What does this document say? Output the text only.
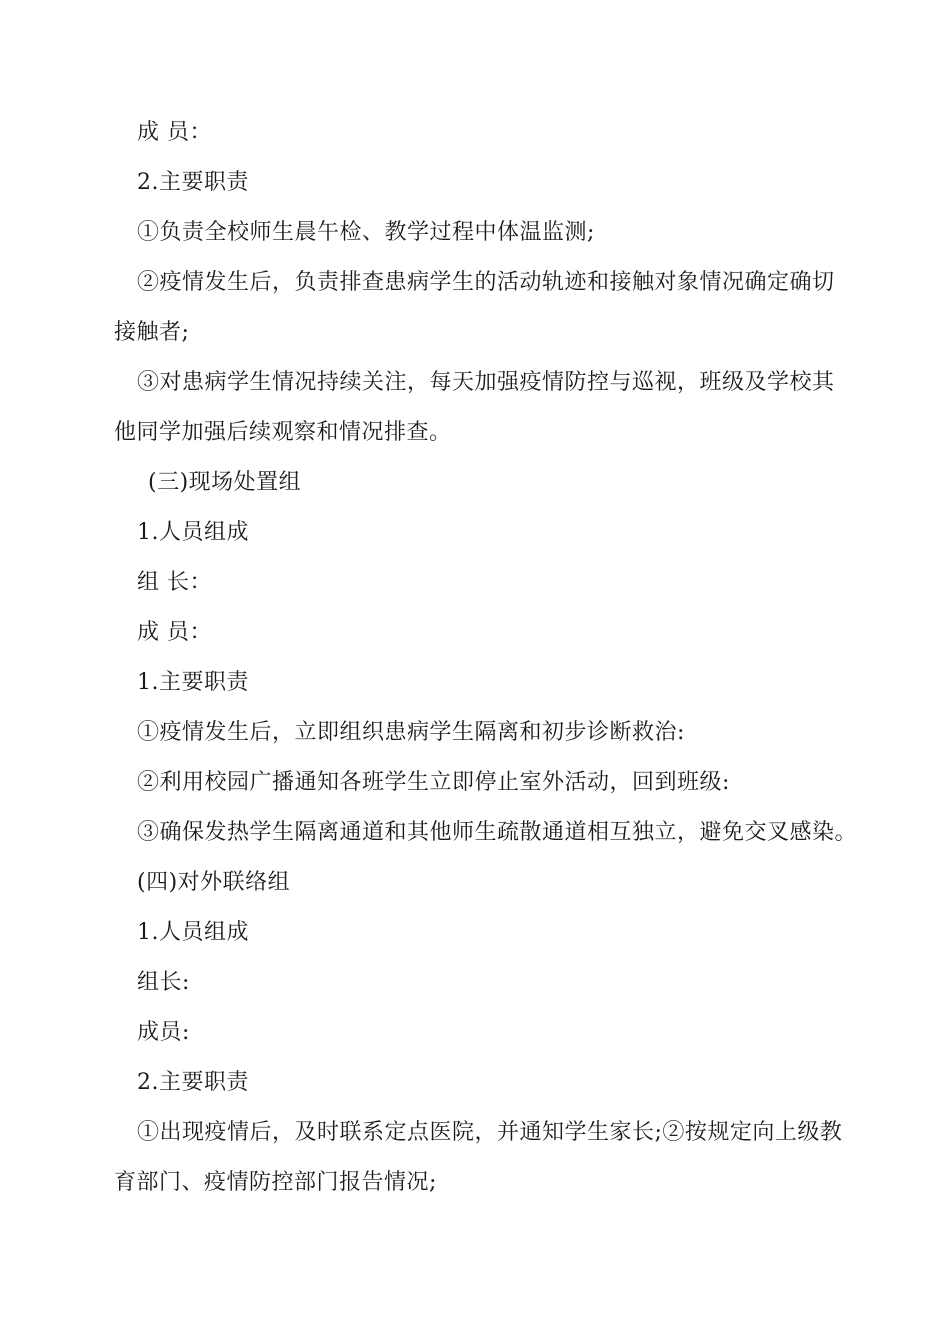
成 员：
2.主要职责
①负责全校师生晨午检、教学过程中体温监测;
②疫情发生后，负责排查患病学生的活动轨迹和接触对象情况确定确切
接触者;
③对患病学生情况持续关注，每天加强疫情防控与巡视，班级及学校其
他同学加强后续观察和情况排查。
(三)现场处置组
1.人员组成
组 长：
成 员：
1.主要职责
①疫情发生后，立即组织患病学生隔离和初步诊断救治:
②利用校园广播通知各班学生立即停止室外活动，回到班级:
③确保发热学生隔离通道和其他师生疏散通道相互独立，避免交叉感染。
(四)对外联络组
1.人员组成
组长:
成员:
2.主要职责
①出现疫情后，及时联系定点医院，并通知学生家长;②按规定向上级教
育部门、疫情防控部门报告情况;
